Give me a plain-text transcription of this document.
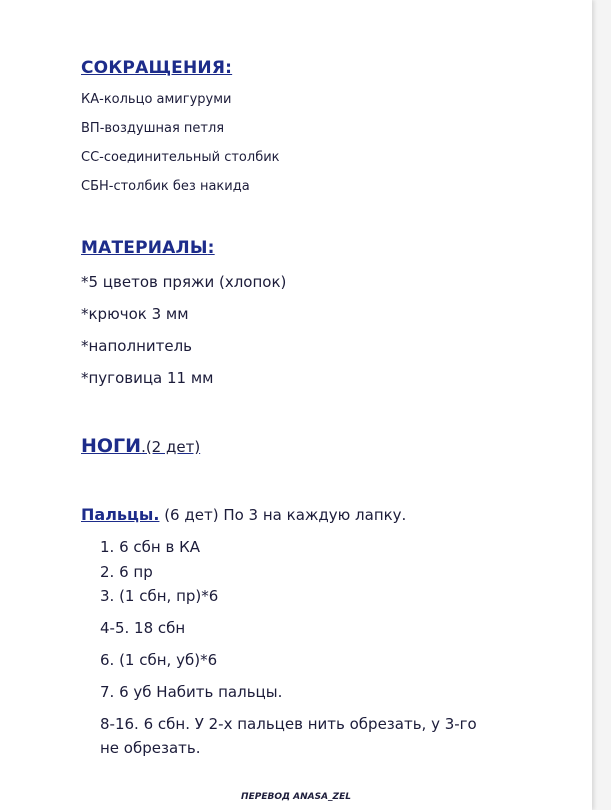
СОКРАЩЕНИЯ:
КА-кольцо амигуруми
ВП-воздушная петля
СС-соединительный столбик
СБН-столбик без накида
МАТЕРИАЛЫ:
*5 цветов пряжи (хлопок)
*крючок 3 мм
*наполнитель
*пуговица 11 мм
НОГИ.(2 дет)
Пальцы. (6 дет) По 3 на каждую лапку.
1. 6 сбн в КА
2. 6 пр
3. (1 сбн, пр)*6
4-5. 18 сбн
6. (1 сбн, уб)*6
7. 6 уб Набить пальцы.
8-16. 6 сбн. У 2-х пальцев нить обрезать, у 3-го не обрезать.
ПЕРЕВОД ANASA_ZEL
